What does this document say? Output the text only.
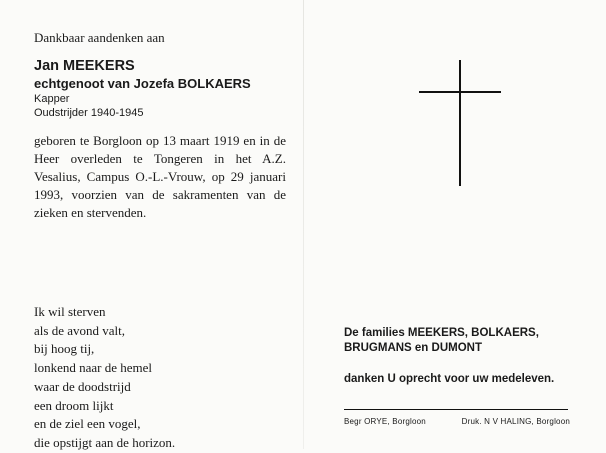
Dankbaar aandenken aan

Jan MEEKERS

echtgenoot van Jozefa BOLKAERS

Kapper

Oudstrijder 1940-1945

geboren te Borgloon op 13 maart 1919 en in de Heer overleden te Tongeren in het A.Z. Vesalius, Campus O.-L.-Vrouw, op 29 januari 1993, voorzien van de sakramenten van de zieken en stervenden.
Ik wil sterven
als de avond valt,
bij hoog tij,
lonkend naar de hemel
waar de doodstrijd
een droom lijkt
en de ziel een vogel,
die opstijgt aan de horizon.
De families MEEKERS, BOLKAERS,
BRUGMANS en DUMONT
danken U oprecht voor uw medeleven.
Begr ORYE, Borgloon	Druk. N V HALING, Borgloon
